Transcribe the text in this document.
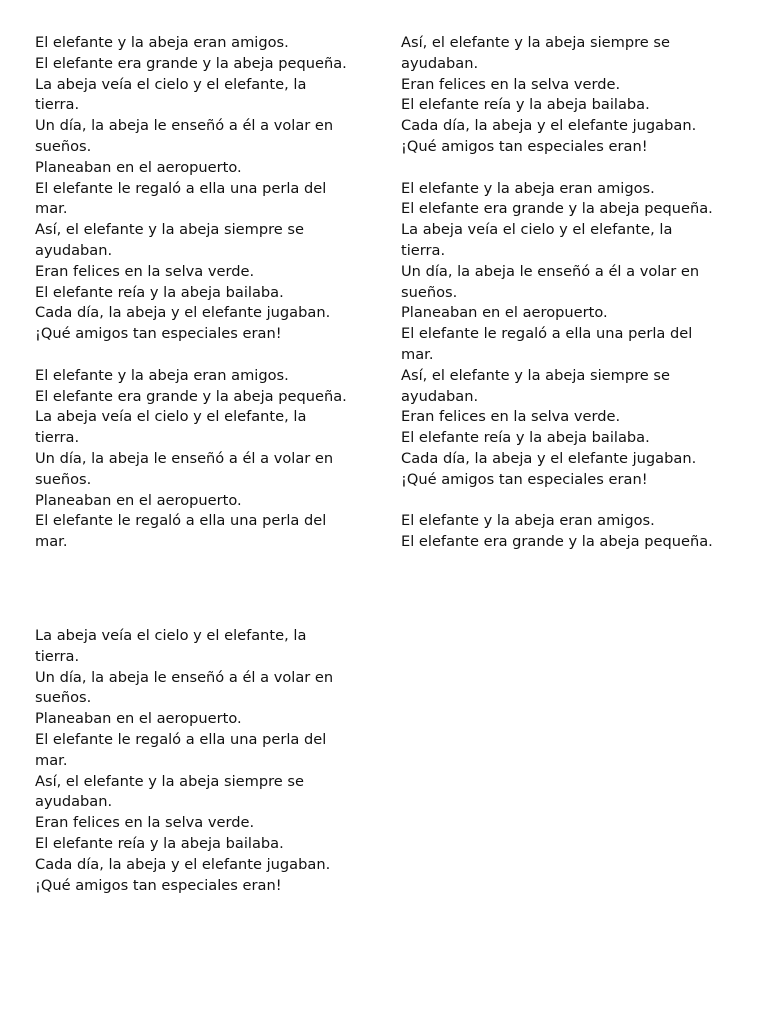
El elefante y la abeja eran amigos.
El elefante era grande y la abeja pequeña.
La abeja veía el cielo y el elefante, la
tierra.
Un día, la abeja le enseñó a él a volar en
sueños.
Planeaban en el aeropuerto.
El elefante le regaló a ella una perla del
mar.
Así, el elefante y la abeja siempre se
ayudaban.
Eran felices en la selva verde.
El elefante reía y la abeja bailaba.
Cada día, la abeja y el elefante jugaban.
¡Qué amigos tan especiales eran!
El elefante y la abeja eran amigos.
El elefante era grande y la abeja pequeña.
La abeja veía el cielo y el elefante, la
tierra.
Un día, la abeja le enseñó a él a volar en
sueños.
Planeaban en el aeropuerto.
El elefante le regaló a ella una perla del
mar.
Así, el elefante y la abeja siempre se
ayudaban.
Eran felices en la selva verde.
El elefante reía y la abeja bailaba.
Cada día, la abeja y el elefante jugaban.
¡Qué amigos tan especiales eran!
El elefante y la abeja eran amigos.
El elefante era grande y la abeja pequeña.
La abeja veía el cielo y el elefante, la
tierra.
Un día, la abeja le enseñó a él a volar en
sueños.
Planeaban en el aeropuerto.
El elefante le regaló a ella una perla del
mar.
Así, el elefante y la abeja siempre se
ayudaban.
Eran felices en la selva verde.
El elefante reía y la abeja bailaba.
Cada día, la abeja y el elefante jugaban.
¡Qué amigos tan especiales eran!
El elefante y la abeja eran amigos.
El elefante era grande y la abeja pequeña.
La abeja veía el cielo y el elefante, la
tierra.
Un día, la abeja le enseñó a él a volar en
sueños.
Planeaban en el aeropuerto.
El elefante le regaló a ella una perla del
mar.
Así, el elefante y la abeja siempre se
ayudaban.
Eran felices en la selva verde.
El elefante reía y la abeja bailaba.
Cada día, la abeja y el elefante jugaban.
¡Qué amigos tan especiales eran!
